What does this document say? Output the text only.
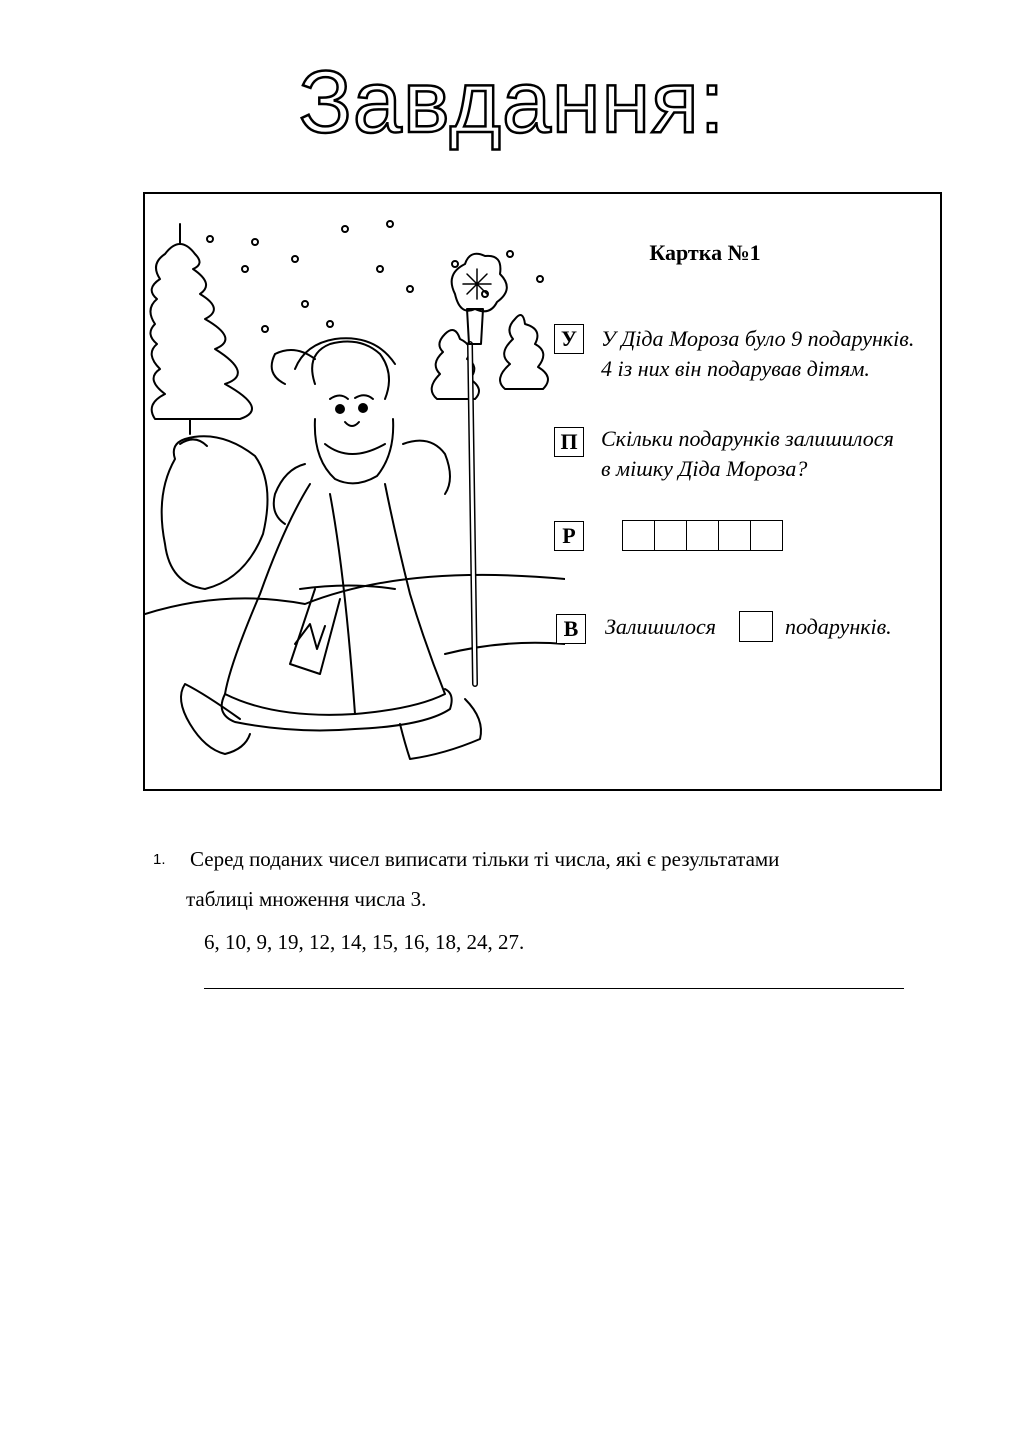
Завдання:
Картка №1
У	У Діда Мороза було 9 подарунків.
4 із них він подарував дітям.
П Скільки подарунків залишилося
в мішку Діда Мороза?
Р
В	Залишилося	подарунків.
1. Серед поданих чисел виписати тільки ті числа, які є результатами
таблиці множення числа 3.
6, 10, 9, 19, 12, 14, 15, 16, 18, 24, 27.
